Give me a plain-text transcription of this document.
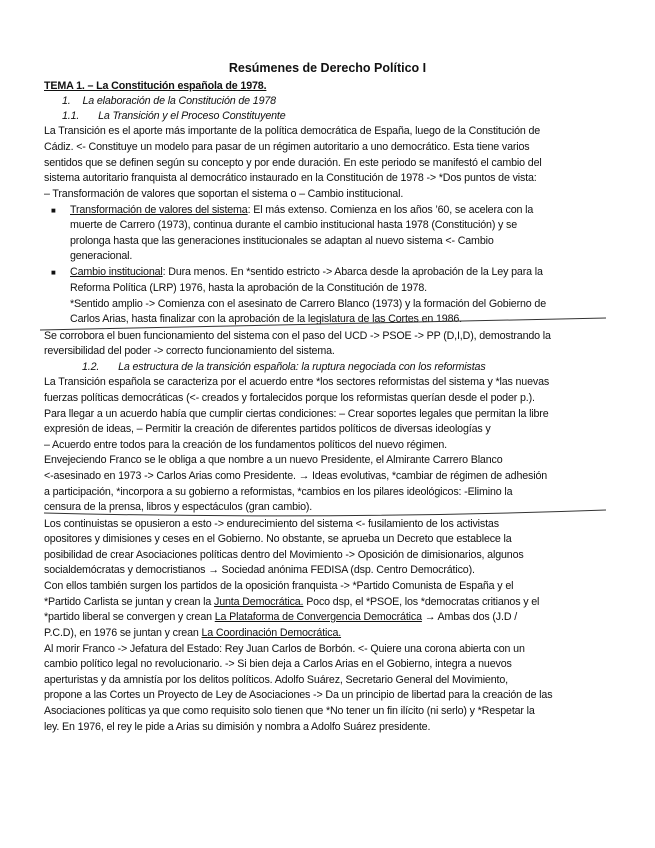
Resúmenes de Derecho Político I
TEMA 1. – La Constitución española de 1978.
1. La elaboración de la Constitución de 1978
1.1. La Transición y el Proceso Constituyente
La Transición es el aporte más importante de la política democrática de España, luego de la Constitución de
Cádiz. <- Constituye un modelo para pasar de un régimen autoritario a uno democrático. Esta tiene varios
sentidos que se definen según su concepto y por ende duración. En este periodo se manifestó el cambio del
sistema autoritario franquista al democrático instaurado en la Constitución de 1978 -> *Dos puntos de vista:
– Transformación de valores que soportan el sistema o – Cambio institucional.
■ Transformación de valores del sistema: El más extenso. Comienza en los años ’60, se acelera con la
muerte de Carrero (1973), continua durante el cambio institucional hasta 1978 (Constitución) y se
prolonga hasta que las generaciones institucionales se adaptan al nuevo sistema <- Cambio
generacional.
■ Cambio institucional: Dura menos. En *sentido estricto -> Abarca desde la aprobación de la Ley para la
Reforma Política (LRP) 1976, hasta la aprobación de la Constitución de 1978.
*Sentido amplio -> Comienza con el asesinato de Carrero Blanco (1973) y la formación del Gobierno de
Carlos Arias, hasta finalizar con la aprobación de la legislatura de las Cortes en 1986.
Se corrobora el buen funcionamiento del sistema con el paso del UCD -> PSOE -> PP (D,I,D), demostrando la
reversibilidad del poder -> correcto funcionamiento del sistema.
1.2. La estructura de la transición española: la ruptura negociada con los reformistas
La Transición española se caracteriza por el acuerdo entre *los sectores reformistas del sistema y *las nuevas
fuerzas políticas democráticas (<- creados y fortalecidos porque los reformistas querían desde el poder p.).
Para llegar a un acuerdo había que cumplir ciertas condiciones: – Crear soportes legales que permitan la libre
expresión de ideas, – Permitir la creación de diferentes partidos políticos de diversas ideologías y
– Acuerdo entre todos para la creación de los fundamentos políticos del nuevo régimen.
Envejeciendo Franco se le obliga a que nombre a un nuevo Presidente, el Almirante Carrero Blanco
<-asesinado en 1973 -> Carlos Arias como Presidente. → Ideas evolutivas, *cambiar de régimen de adhesión
a participación, *incorpora a su gobierno a reformistas, *cambios en los pilares ideológicos: -Elimino la
censura de la prensa, libros y espectáculos (gran cambio).
Los continuistas se opusieron a esto -> endurecimiento del sistema <- fusilamiento de los activistas
opositores y dimisiones y ceses en el Gobierno. No obstante, se aprueba un Decreto que establece la
posibilidad de crear Asociaciones políticas dentro del Movimiento -> Oposición de dimisionarios, algunos
socialdemócratas y democristianos → Sociedad anónima FEDISA (dsp. Centro Democrático).
Con ellos también surgen los partidos de la oposición franquista -> *Partido Comunista de España y el
*Partido Carlista se juntan y crean la Junta Democrática. Poco dsp, el *PSOE, los *democratas critianos y el
*partido liberal se convergen y crean La Plataforma de Convergencia Democrática → Ambas dos (J.D /
P.C.D), en 1976 se juntan y crean La Coordinación Democrática.
Al morir Franco -> Jefatura del Estado: Rey Juan Carlos de Borbón. <- Quiere una corona abierta con un
cambio político legal no revolucionario. -> Si bien deja a Carlos Arias en el Gobierno, integra a nuevos
aperturistas y da amnistía por los delitos políticos. Adolfo Suárez, Secretario General del Movimiento,
propone a las Cortes un Proyecto de Ley de Asociaciones -> Da un principio de libertad para la creación de las
Asociaciones políticas ya que como requisito solo tienen que *No tener un fin ilícito (ni serlo) y *Respetar la
ley. En 1976, el rey le pide a Arias su dimisión y nombra a Adolfo Suárez presidente.
